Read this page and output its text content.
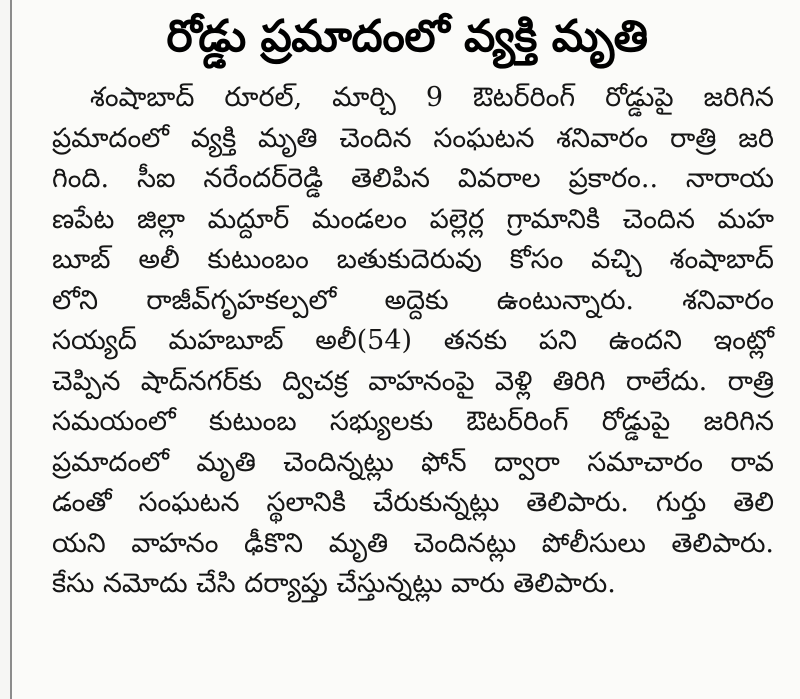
రోడ్డు ప్రమాదంలో వ్యక్తి మృతి
శంషాబాద్ రూరల్, మార్చి 9 ఔటర్‌రింగ్ రోడ్డుపై జరిగిన
ప్రమాదంలో వ్యక్తి మృతి చెందిన సంఘటన శనివారం రాత్రి జరి
గింది. సీఐ నరేందర్‌రెడ్డి తెలిపిన వివరాల ప్రకారం.. నారాయ
ణపేట జిల్లా మద్దూర్ మండలం పల్లెర్ల గ్రామానికి చెందిన మహ
బూబ్ అలీ కుటుంబం బతుకుదెరువు కోసం వచ్చి శంషాబాద్
లోని రాజీవ్‌గృహకల్పలో అద్దెకు ఉంటున్నారు. శనివారం
సయ్యద్ మహబూబ్ అలీ(54) తనకు పని ఉందని ఇంట్లో
చెప్పిన షాద్‌నగర్‌కు ద్విచక్ర వాహనంపై వెళ్లి తిరిగి రాలేదు. రాత్రి
సమయంలో కుటుంబ సభ్యులకు ఔటర్‌రింగ్ రోడ్డుపై జరిగిన
ప్రమాదంలో మృతి చెందిన్నట్లు ఫోన్ ద్వారా సమాచారం రావ
డంతో సంఘటన స్థలానికి చేరుకున్నట్లు తెలిపారు. గుర్తు తెలి
యని వాహనం ఢీకొని మృతి చెందినట్లు పోలీసులు తెలిపారు.
కేసు నమోదు చేసి దర్యాప్తు చేస్తున్నట్లు వారు తెలిపారు.
